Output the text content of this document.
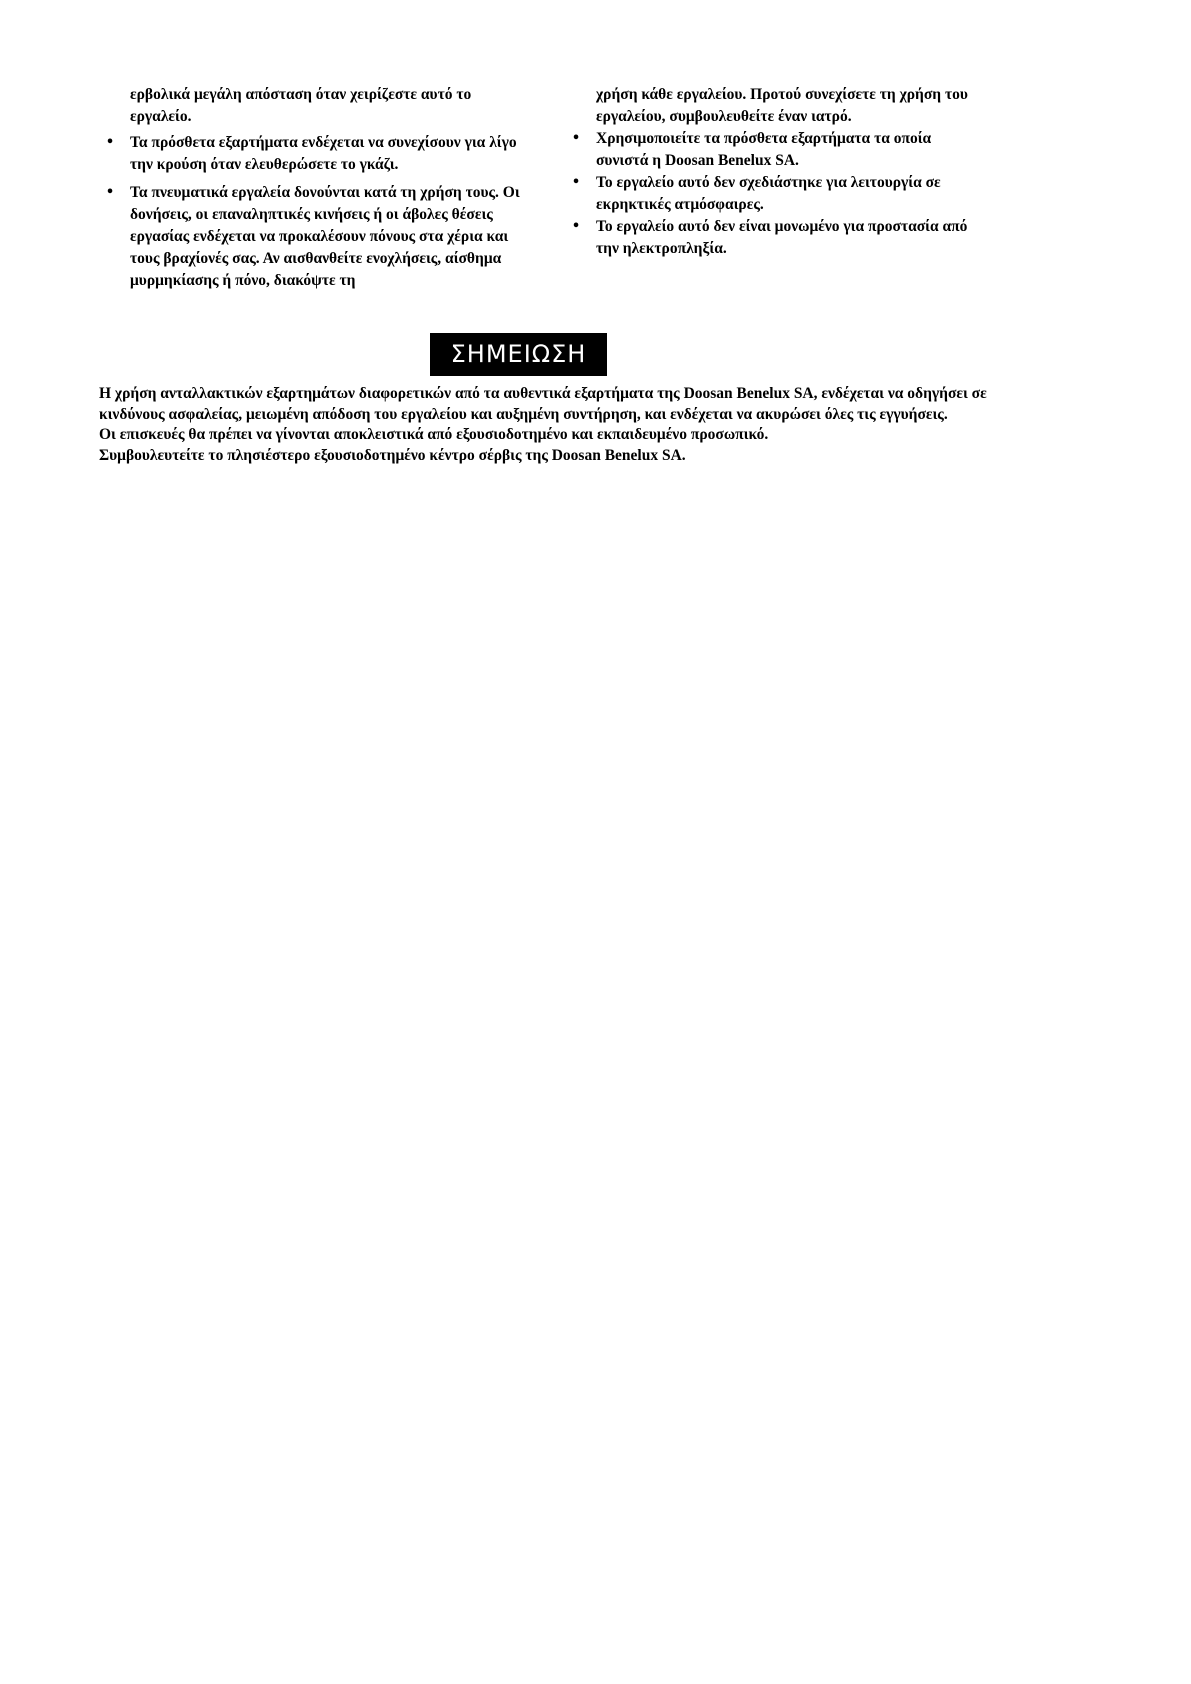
ερβολικά μεγάλη απόσταση όταν χειρίζεστε αυτό το εργαλείο.

•	Τα πρόσθετα εξαρτήματα ενδέχεται να συνεχίσουν για λίγο την κρούση όταν ελευθερώσετε το γκάζι.
•	Τα πνευματικά εργαλεία δονούνται κατά τη χρήση τους. Οι δονήσεις, οι επαναληπτικές κινήσεις ή οι άβολες θέσεις εργασίας ενδέχεται να προκαλέσουν πόνους στα χέρια και τους βραχίονές σας. Αν αισθανθείτε ενοχλήσεις, αίσθημα μυρμηκίασης ή πόνο, διακόψτε τη

χρήση κάθε εργαλείου. Προτού συνεχίσετε τη χρήση του εργαλείου, συμβουλευθείτε έναν ιατρό.

•	Χρησιμοποιείτε τα πρόσθετα εξαρτήματα τα οποία συνιστά η Doosan Benelux SA.
•	Το εργαλείο αυτό δεν σχεδιάστηκε για λειτουργία σε εκρηκτικές ατμόσφαιρες.
•	Το εργαλείο αυτό δεν είναι μονωμένο για προστασία από την ηλεκτροπληξία.
ΣΗΜΕΙΩΣΗ

Η χρήση ανταλλακτικών εξαρτημάτων διαφορετικών από τα αυθεντικά εξαρτήματα της Doosan Benelux SA, ενδέχεται να οδηγήσει σε κινδύνους ασφαλείας, μειωμένη απόδοση του εργαλείου και αυξημένη συντήρηση, και ενδέχεται να ακυρώσει όλες τις εγγυήσεις.

Οι επισκευές θα πρέπει να γίνονται αποκλειστικά από εξουσιοδοτημένο και εκπαιδευμένο προσωπικό.

Συμβουλευτείτε το πλησιέστερο εξουσιοδοτημένο κέντρο σέρβις της Doosan Benelux SA.
